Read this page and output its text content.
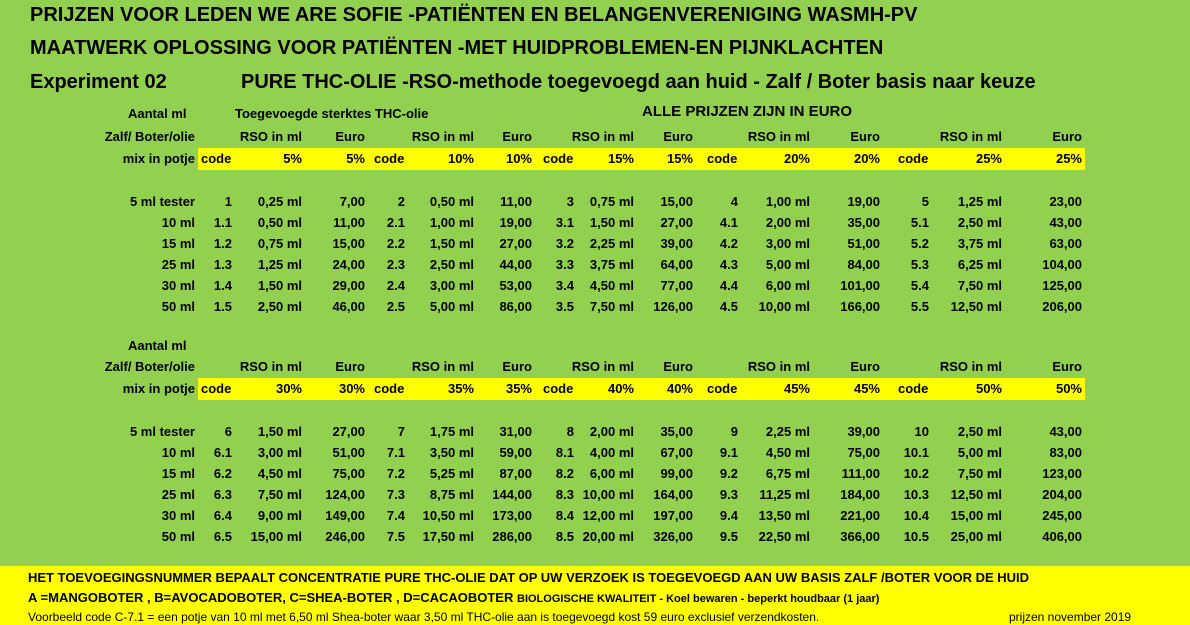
PRIJZEN VOOR LEDEN WE ARE SOFIE -PATIËNTEN EN BELANGENVERENIGING WASMH-PV
MAATWERK OPLOSSING VOOR PATIËNTEN -MET HUIDPROBLEMEN-EN PIJNKLACHTEN
Experiment 02	PURE THC-OLIE -RSO-methode toegevoegd aan huid - Zalf / Boter basis naar keuze
Aantal ml	Toegevoegde sterktes THC-olie	ALLE PRIJZEN ZIJN IN EURO
Zalf/ Boter/olie	RSO in ml	Euro	RSO in ml	Euro	RSO in ml	Euro	RSO in ml	Euro	RSO in ml	Euro
mix in potje code	5%	5% code	10%	10% code	15%	15% code	20%	20% code	25%	25%
5 ml tester	1	0,25 ml	7,00	2	0,50 ml	11,00	3	0,75 ml	15,00	4	1,00 ml	19,00	5	1,25 ml	23,00
10 ml	1.1	0,50 ml	11,00	2.1	1,00 ml	19,00	3.1	1,50 ml	27,00	4.1	2,00 ml	35,00	5.1	2,50 ml	43,00
15 ml	1.2	0,75 ml	15,00	2.2	1,50 ml	27,00	3.2	2,25 ml	39,00	4.2	3,00 ml	51,00	5.2	3,75 ml	63,00
25 ml	1.3	1,25 ml	24,00	2.3	2,50 ml	44,00	3.3	3,75 ml	64,00	4.3	5,00 ml	84,00	5.3	6,25 ml	104,00
30 ml	1.4	1,50 ml	29,00	2.4	3,00 ml	53,00	3.4	4,50 ml	77,00	4.4	6,00 ml	101,00	5.4	7,50 ml	125,00
50 ml	1.5	2,50 ml	46,00	2.5	5,00 ml	86,00	3.5	7,50 ml	126,00	4.5	10,00 ml	166,00	5.5	12,50 ml	206,00
Zalf/ Boter/olie	RSO in ml	Euro	RSO in ml	Euro	RSO in ml	Euro	RSO in ml	Euro	RSO in ml	Euro
mix in potje code	30%	30% code	35%	35% code	40%	40% code	45%	45% code	50%	50%
5 ml tester	6	1,50 ml	27,00	7	1,75 ml	31,00	8	2,00 ml	35,00	9	2,25 ml	39,00	10	2,50 ml	43,00
10 ml	6.1	3,00 ml	51,00	7.1	3,50 ml	59,00	8.1	4,00 ml	67,00	9.1	4,50 ml	75,00	10.1	5,00 ml	83,00
15 ml	6.2	4,50 ml	75,00	7.2	5,25 ml	87,00	8.2	6,00 ml	99,00	9.2	6,75 ml	111,00	10.2	7,50 ml	123,00
25 ml	6.3	7,50 ml	124,00	7.3	8,75 ml	144,00	8.3 10,00 ml	164,00	9.3	11,25 ml	184,00	10.3	12,50 ml	204,00
30 ml	6.4	9,00 ml	149,00	7.4	10,50 ml	173,00	8.4 12,00 ml	197,00	9.4	13,50 ml	221,00	10.4	15,00 ml	245,00
50 ml	6.5	15,00 ml	246,00	7.5	17,50 ml	286,00	8.5 20,00 ml	326,00	9.5	22,50 ml	366,00	10.5	25,00 ml	406,00
Aantal ml
HET TOEVOEGINGSNUMMER BEPAALT CONCENTRATIE PURE THC-OLIE DAT OP UW VERZOEK IS TOEGEVOEGD AAN UW BASIS ZALF /BOTER VOOR DE HUID
A =MANGOBOTER , B=AVOCADOBOTER, C=SHEA-BOTER , D=CACAOBOTER BIOLOGISCHE KWALITEIT - Koel bewaren - beperkt houdbaar (1 jaar)
Voorbeeld code C-7.1 = een potje van 10 ml met 6,50 ml Shea-boter waar 3,50 ml THC-olie aan is toegevoegd kost 59 euro exclusief verzendkosten.	prijzen november 2019
